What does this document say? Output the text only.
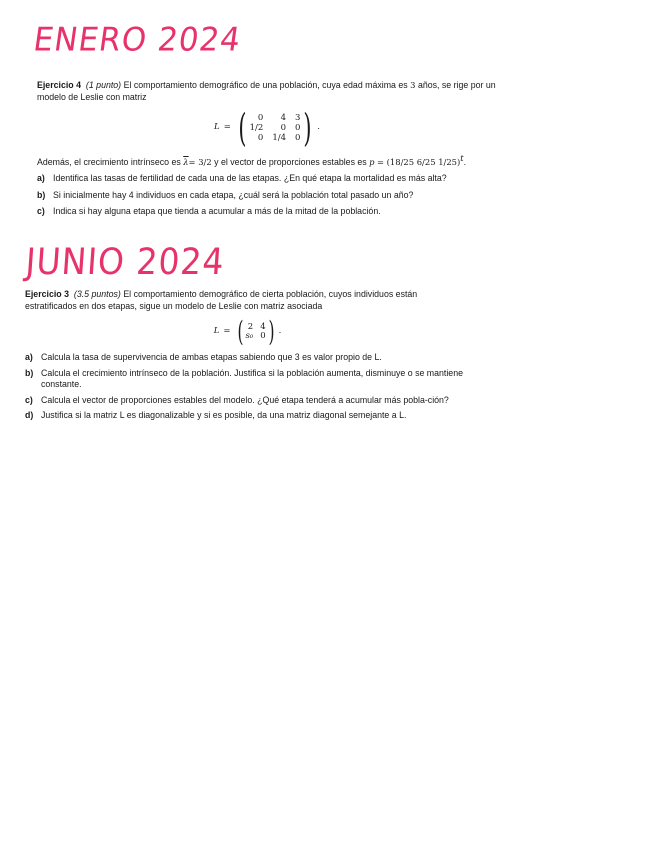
ENERO 2024

Ejercicio 4 (1 punto) El comportamiento demográfico de una población, cuya edad máxima es 3 años, se rige por un modelo de Leslie con matriz

L = (	0	4 3
1/2	0 0
0 1/4 0 ) .

Además, el crecimiento intrínseco es $\overline{\lambda}= 3/2$ y el vector de proporciones estables es p = (18/25 6/25 1/25)$^t$.

a) Identifica las tasas de fertilidad de cada una de las etapas. ¿En qué etapa la mortalidad es más alta?
b) Si inicialmente hay 4 individuos en cada etapa, ¿cuál será la población total pasado un año?
c) Indica si hay alguna etapa que tienda a acumular a más de la mitad de la población.
JUNIO 2024

Ejercicio 3 (3.5 puntos) El comportamiento demográfico de cierta población, cuyos individuos están estratificados en dos etapas, sigue un modelo de Leslie con matriz asociada

L = ( 2 4
s₀ 0 ) .
a) Calcula la tasa de supervivencia de ambas etapas sabiendo que 3 es valor propio de L.
b) Calcula el crecimiento intrínseco de la población. Justifica si la población aumenta, disminuye o se mantiene constante.
c) Calcula el vector de proporciones estables del modelo. ¿Qué etapa tenderá a acumular más pobla-ción?
d) Justifica si la matriz L es diagonalizable y si es posible, da una matriz diagonal semejante a L.
